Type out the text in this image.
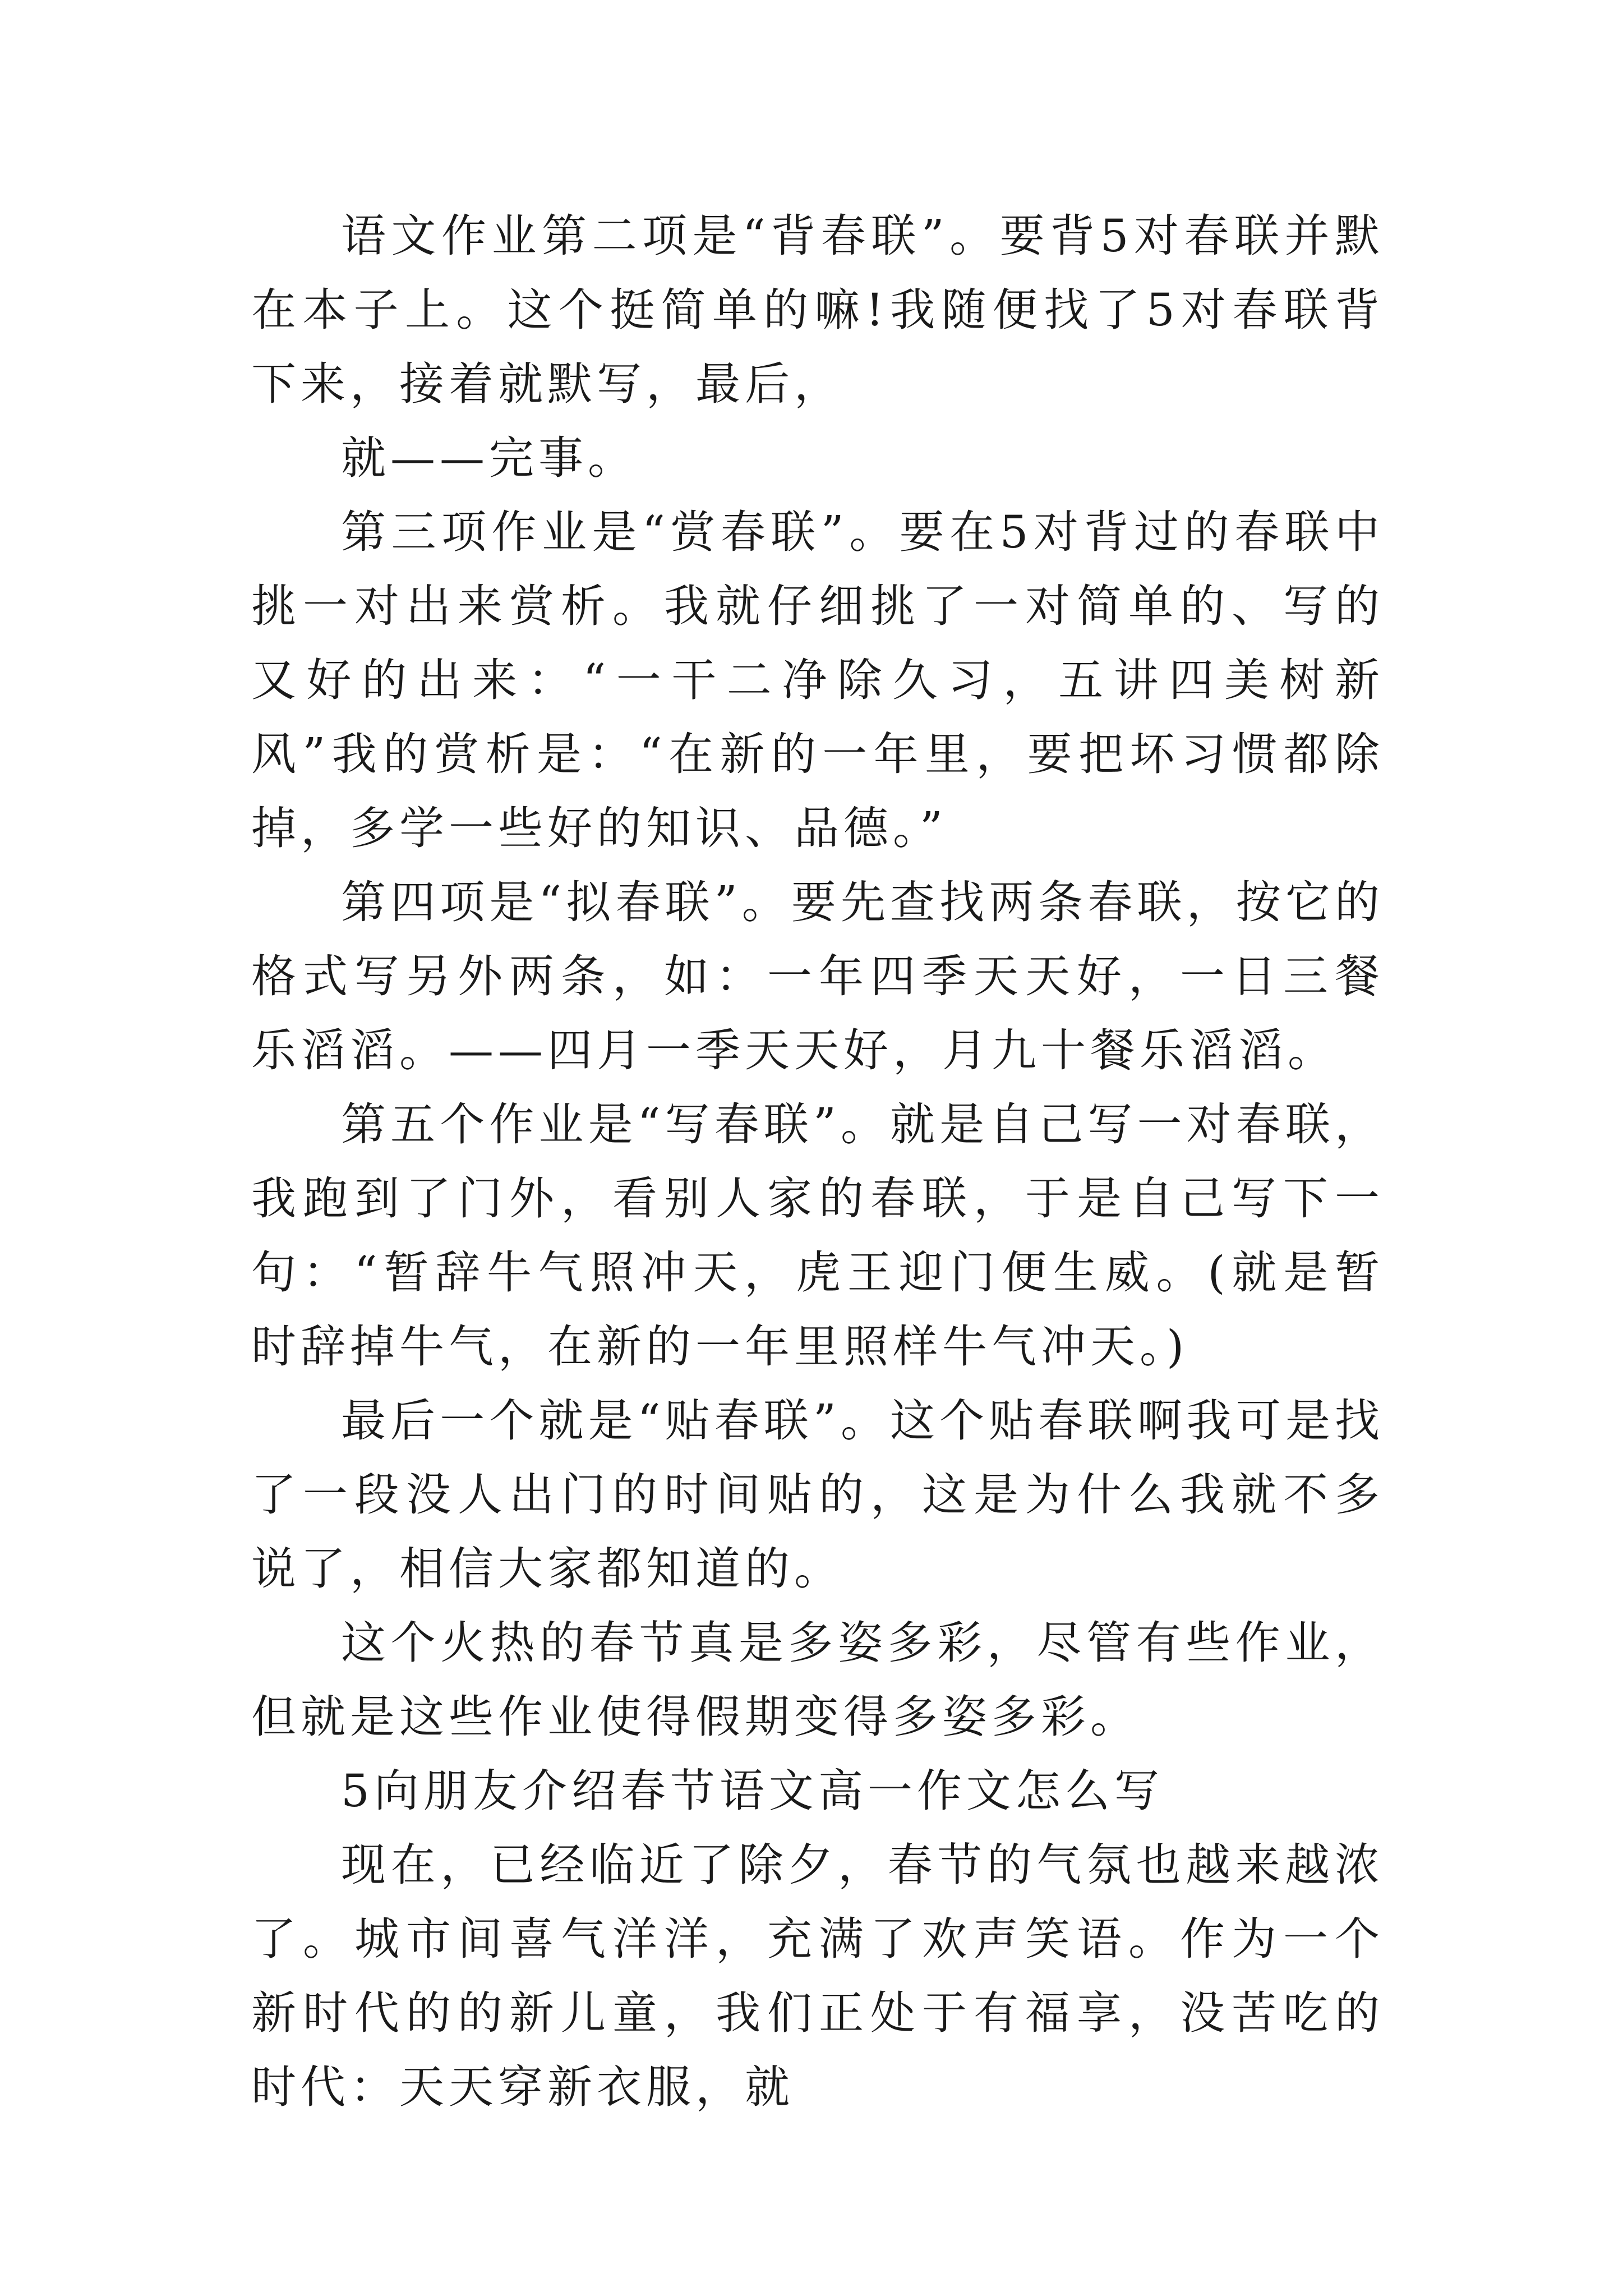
语文作业第二项是“背春联”。要背5对春联并默在本子上。这个挺简单的嘛!我随便找了5对春联背下来，接着就默写，最后，

就——完事。

第三项作业是“赏春联”。要在5对背过的春联中挑一对出来赏析。我就仔细挑了一对简单的、写的又好的出来：“一干二净除久习，五讲四美树新风”我的赏析是：“在新的一年里，要把坏习惯都除掉，多学一些好的知识、品德。”

第四项是“拟春联”。要先查找两条春联，按它的格式写另外两条，如：一年四季天天好，一日三餐乐滔滔。——四月一季天天好，月九十餐乐滔滔。

第五个作业是“写春联”。就是自己写一对春联，我跑到了门外，看别人家的春联，于是自己写下一句：“暂辞牛气照冲天，虎王迎门便生威。(就是暂时辞掉牛气，在新的一年里照样牛气冲天。)

最后一个就是“贴春联”。这个贴春联啊我可是找了一段没人出门的时间贴的，这是为什么我就不多说了，相信大家都知道的。

这个火热的春节真是多姿多彩，尽管有些作业，但就是这些作业使得假期变得多姿多彩。

5向朋友介绍春节语文高一作文怎么写

现在，已经临近了除夕，春节的气氛也越来越浓了。城市间喜气洋洋，充满了欢声笑语。作为一个新时代的的新儿童，我们正处于有福享，没苦吃的时代：天天穿新衣服，就
